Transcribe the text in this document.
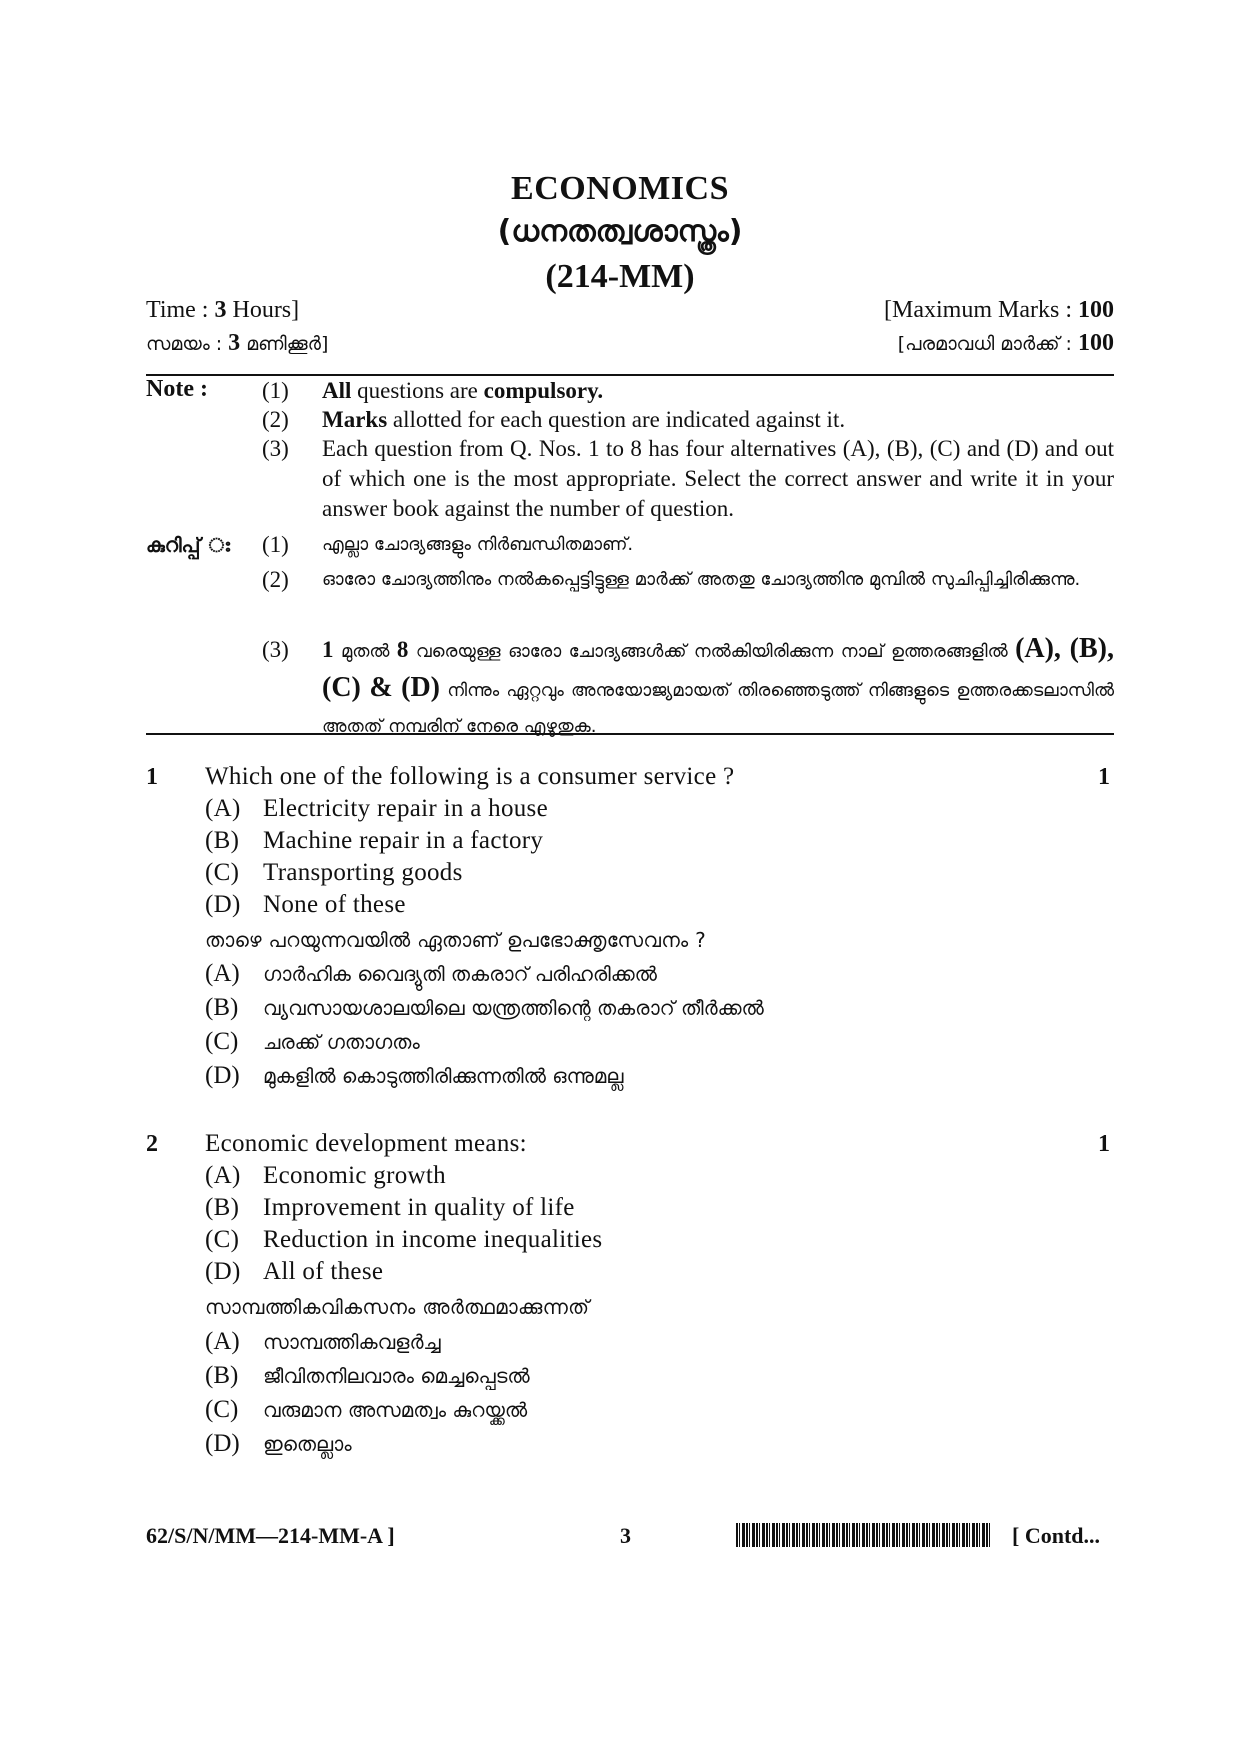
ECONOMICS
(ധനതത്വശാസ്ത്രം)
(214-MM)
Time : 3 Hours]	[Maximum Marks : 100
സമയം : 3 മണിക്കൂർ]	[പരമാവധി മാർക്ക് : 100
Note : (1) All questions are compulsory.
(2) Marks allotted for each question are indicated against it.
(3) Each question from Q. Nos. 1 to 8 has four alternatives (A), (B), (C) and (D) and out of which one is the most appropriate. Select the correct answer and write it in your answer book against the number of question.
കുറിപ്പ് ഃ (1) എല്ലാ ചോദ്യങ്ങളും നിർബന്ധിതമാണ്.
(2) ഓരോ ചോദ്യത്തിനും നൽകപ്പെട്ടിട്ടുള്ള മാർക്ക് അതതു ചോദ്യത്തിനു മുമ്പിൽ സുചിപ്പിച്ചിരിക്കുന്നു.
(3) 1 മുതൽ 8 വരെയുള്ള ഓരോ ചോദ്യങ്ങൾക്ക് നൽകിയിരിക്കുന്ന നാല് ഉത്തരങ്ങളിൽ (A), (B), (C) & (D) നിന്നും ഏറ്റവും അനുയോജ്യമായത് തിരഞ്ഞെടുത്ത് നിങ്ങളുടെ ഉത്തരക്കടലാസിൽ അതത് നമ്പരിന് നേരെ എഴുതുക.
1	1
Which one of the following is a consumer service ?
(A) Electricity repair in a house
(B) Machine repair in a factory
(C) Transporting goods
(D) None of these
താഴെ പറയുന്നവയിൽ ഏതാണ് ഉപഭോക്തൃസേവനം ?
(A) ഗാർഹിക വൈദ്യുതി തകരാറ് പരിഹരിക്കൽ
(B) വ്യവസായശാലയിലെ യന്ത്രത്തിന്റെ തകരാറ് തീർക്കൽ
(C) ചരക്ക് ഗതാഗതം
(D) മുകളിൽ കൊടുത്തിരിക്കുന്നതിൽ ഒന്നുമല്ല
2	1
Economic development means:
(A) Economic growth
(B) Improvement in quality of life
(C) Reduction in income inequalities
(D) All of these
സാമ്പത്തികവികസനം അർത്ഥമാക്കുന്നത്
(A) സാമ്പത്തികവളർച്ച
(B) ജീവിതനിലവാരം മെച്ചപ്പെടൽ
(C) വരുമാന അസമത്വം കുറയ്ക്കൽ
(D) ഇതെല്ലാം
62/S/N/MM—214-MM-A ]	3	[ Contd...
